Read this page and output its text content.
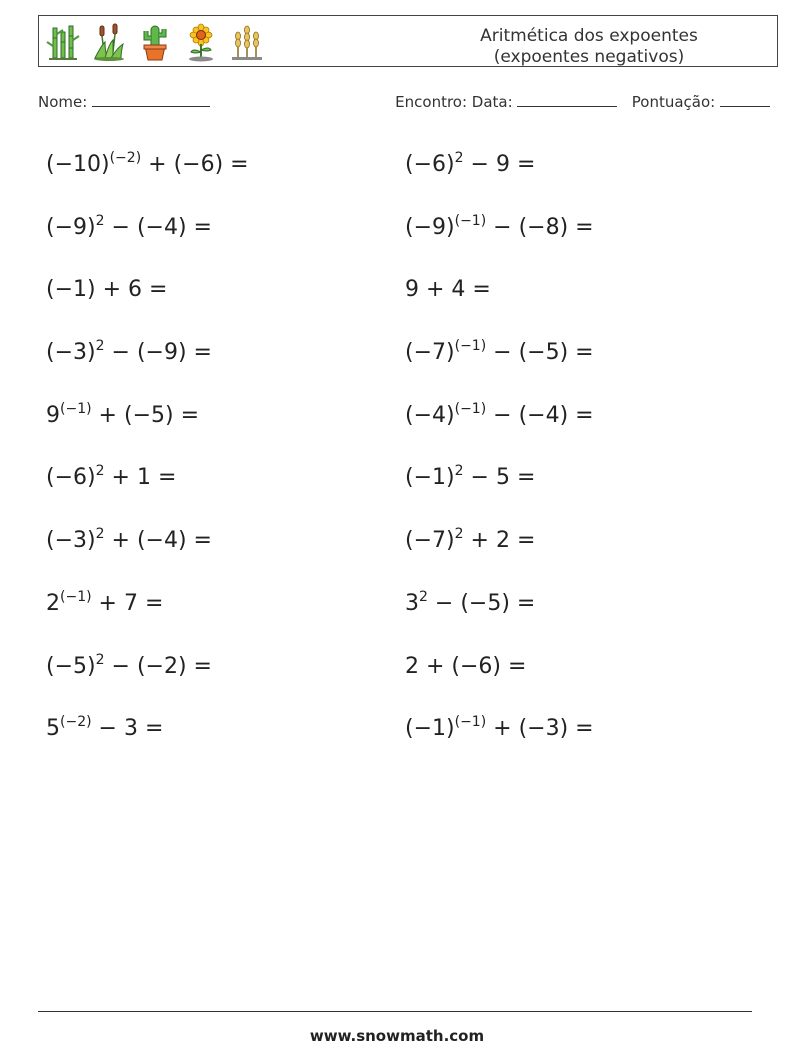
Aritmética dos expoentes (expoentes negativos)
Nome:	Encontro: Data:	Pontuação:
$(-10)^{(-2)} + (-6)$ =	$(-6)^2 - 9$ =
$(-9)^2 - (-4)$ =	$(-9)^{(-1)} - (-8)$ =
(−1) + 6 =	9 + 4 =
$(-3)^2 - (-9)$ =	$(-7)^{(-1)} - (-5)$ =
$9^{(-1)} + (-5)$ =	$(-4)^{(-1)} - (-4)$ =
$(-6)^2 + 1$ =	$(-1)^2 - 5$ =
$(-3)^2 + (-4)$ =	$(-7)^2 + 2$ =
$2^{(-1)} + 7$ =	$3^2 - (-5)$ =
$(-5)^2 - (-2)$ =	2 + (−6) =
$5^{(-2)} - 3$ =	$(-1)^{(-1)} + (-3)$ =
www.snowmath.com
